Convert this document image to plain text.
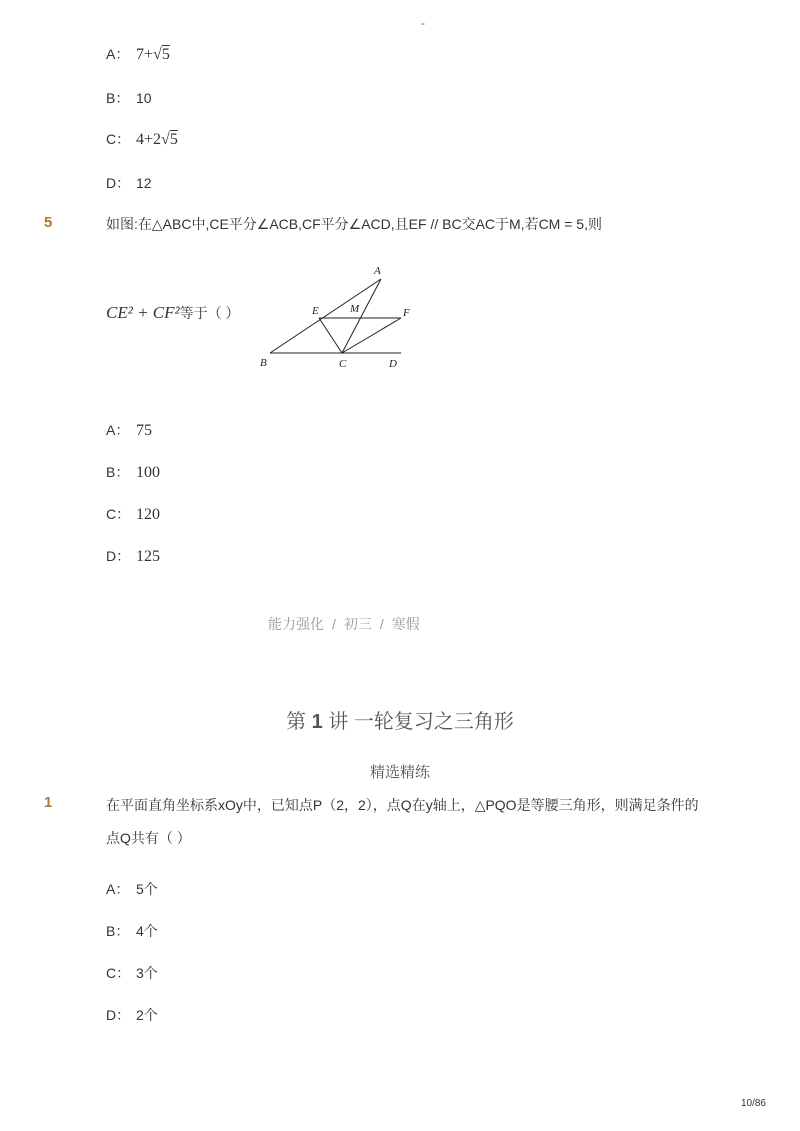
-
A： 7+√5
B： 10
C： 4+2√5
D： 12
5	如图:在△ABC中,CE平分∠ACB,CF平分∠ACD,且EF // BC交AC于M,若CM = 5,则
CE² + CF²等于（ ）
A
E	M	F
B	C	D
A： 75
B： 100
C： 120
D： 125
能力强化 / 初三 / 寒假
第 1 讲 一轮复习之三角形
精选精练
1	在平面直角坐标系xOy中，已知点P（2，2），点Q在y轴上，△PQO是等腰三角形，则满足条件的
点Q共有（ ）
A： 5个
B： 4个
C： 3个
D： 2个
10/86
